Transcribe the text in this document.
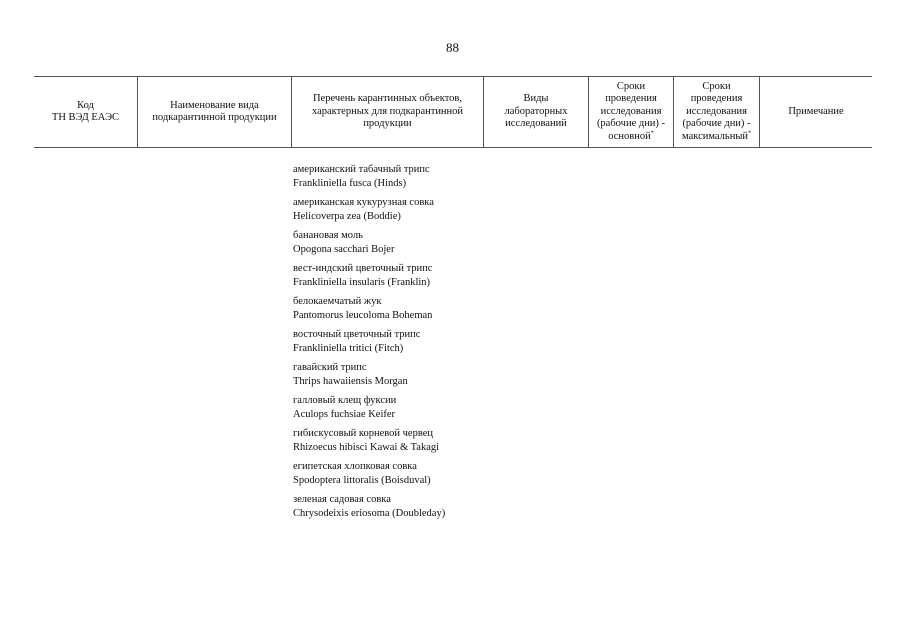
88
Код
ТН ВЭД ЕАЭС
Наименование вида
подкарантинной продукции
Перечень карантинных объектов,
характерных для подкарантинной
продукции
Виды
лабораторных
исследований
Сроки
проведения
исследования
(рабочие дни) -
основной*
Сроки
проведения
исследования
(рабочие дни) -
максимальный*
Примечание
американский табачный трипс
Frankliniella fusca (Hinds)
американская кукурузная совка
Helicoverpa zea (Boddie)
банановая моль
Opogona sacchari Bojer
вест-индский цветочный трипс
Frankliniella insularis (Franklin)
белокаемчатый жук
Pantomorus leucoloma Boheman
восточный цветочный трипс
Frankliniella tritici (Fitch)
гавайский трипс
Thrips hawaiiensis Morgan
галловый клещ фуксии
Aculops fuchsiae Keifer
гибискусовый корневой червец
Rhizoecus hibisci Kawai & Takagi
египетская хлопковая совка
Spodoptera littoralis (Boisduval)
зеленая садовая совка
Chrysodeixis eriosoma (Doubleday)
